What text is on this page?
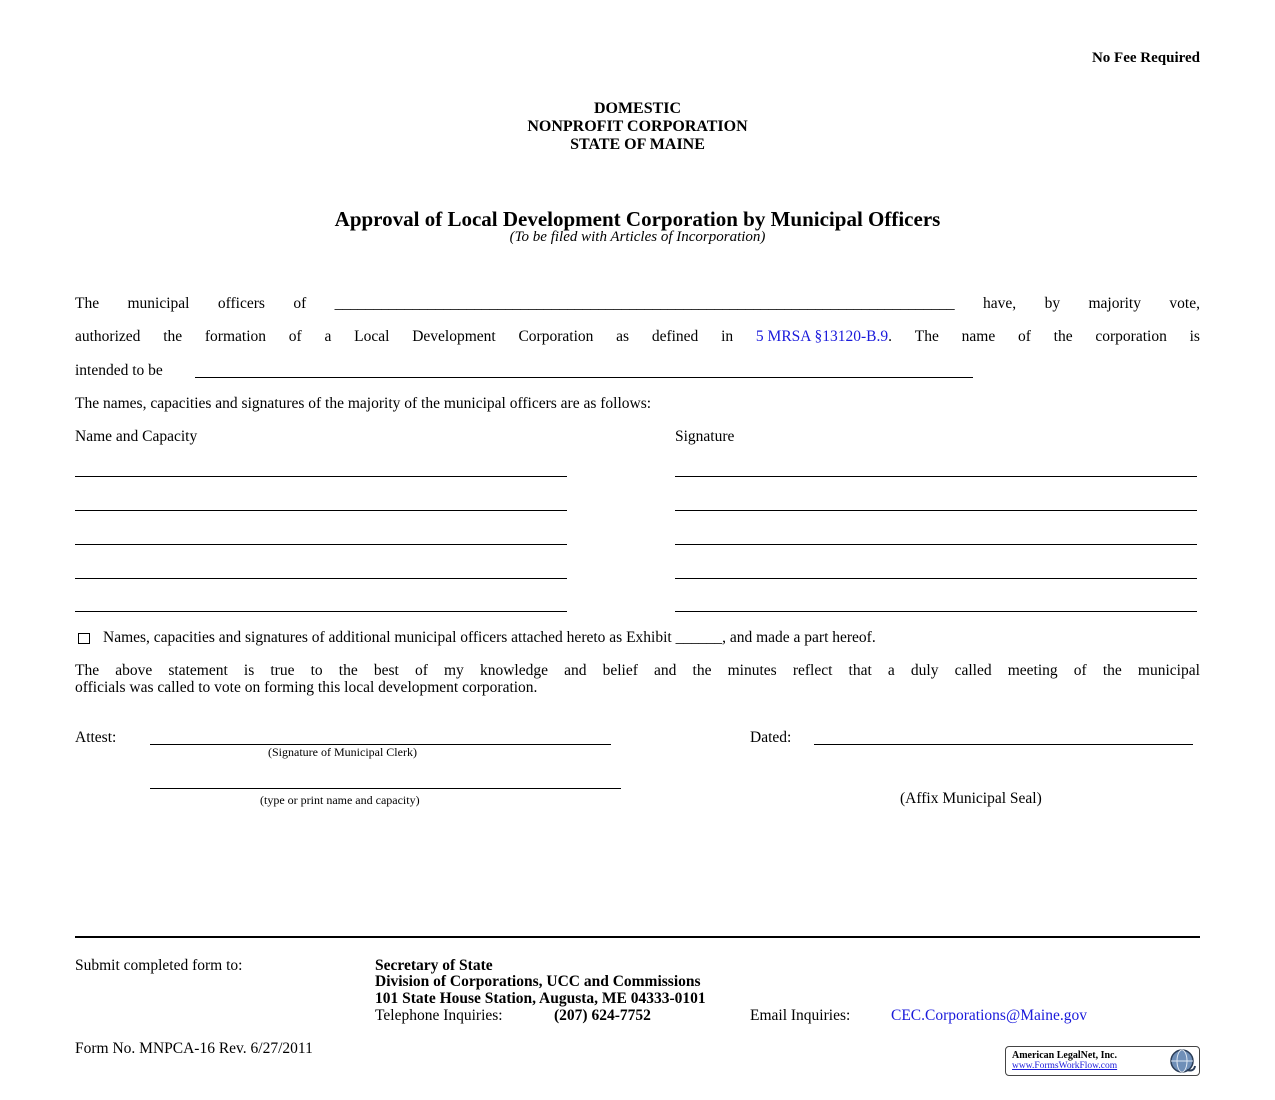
No Fee Required
DOMESTIC
NONPROFIT CORPORATION
STATE OF MAINE
Approval of Local Development Corporation by Municipal Officers
(To be filed with Articles of Incorporation)
The municipal officers of ________________________________________________________________________________ have, by majority vote,
authorized the formation of a Local Development Corporation as defined in 5 MRSA §13120-B.9. The name of the corporation is
intended to be
The names, capacities and signatures of the majority of the municipal officers are as follows:
Name and Capacity	Signature
Names, capacities and signatures of additional municipal officers attached hereto as Exhibit ______, and made a part hereof.
The above statement is true to the best of my knowledge and belief and the minutes reflect that a duly called meeting of the municipal
officials was called to vote on forming this local development corporation.
Attest:
(Signature of Municipal Clerk)
Dated:
(type or print name and capacity)	(Affix Municipal Seal)
Submit completed form to:	Secretary of State
Division of Corporations, UCC and Commissions
101 State House Station, Augusta, ME 04333-0101
Telephone Inquiries:	(207) 624-7752	Email Inquiries:	CEC.Corporations@Maine.gov
Form No. MNPCA-16 Rev. 6/27/2011	American LegalNet, Inc.
www.FormsWorkFlow.com
